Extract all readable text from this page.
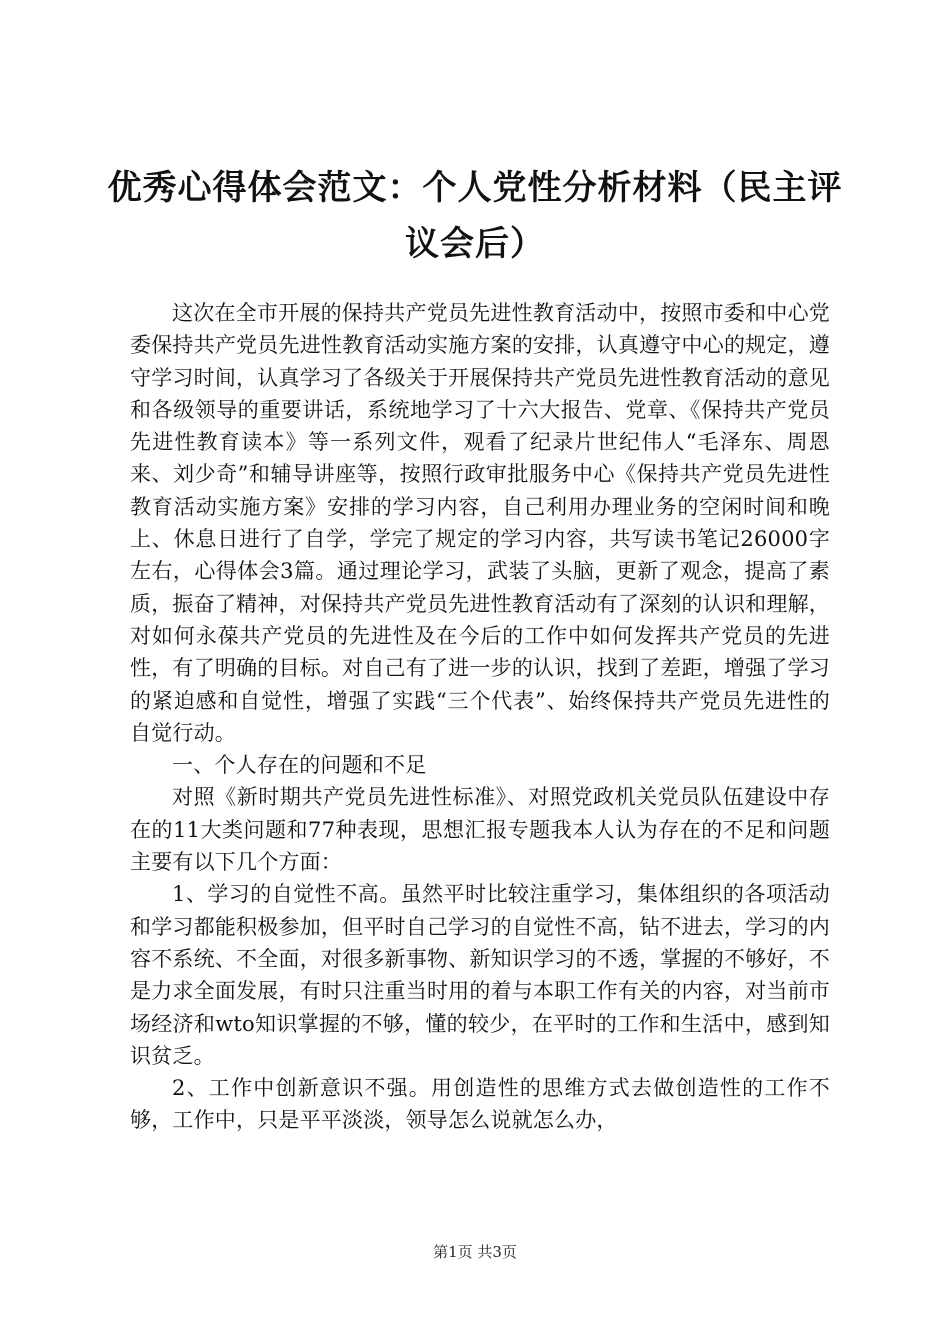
优秀心得体会范文：个人党性分析材料（民主评议会后）

这次在全市开展的保持共产党员先进性教育活动中，按照市委和中心党委保持共产党员先进性教育活动实施方案的安排，认真遵守中心的规定，遵守学习时间，认真学习了各级关于开展保持共产党员先进性教育活动的意见和各级领导的重要讲话，系统地学习了十六大报告、党章、《保持共产党员先进性教育读本》等一系列文件，观看了纪录片世纪伟人“毛泽东、周恩来、刘少奇”和辅导讲座等，按照行政审批服务中心《保持共产党员先进性教育活动实施方案》安排的学习内容，自己利用办理业务的空闲时间和晚上、休息日进行了自学，学完了规定的学习内容，共写读书笔记26000字左右，心得体会3篇。通过理论学习，武装了头脑，更新了观念，提高了素质，振奋了精神，对保持共产党员先进性教育活动有了深刻的认识和理解，对如何永葆共产党员的先进性及在今后的工作中如何发挥共产党员的先进性，有了明确的目标。对自己有了进一步的认识，找到了差距，增强了学习的紧迫感和自觉性，增强了实践“三个代表”、始终保持共产党员先进性的自觉行动。

一、个人存在的问题和不足

对照《新时期共产党员先进性标准》、对照党政机关党员队伍建设中存在的11大类问题和77种表现，思想汇报专题我本人认为存在的不足和问题主要有以下几个方面：

1、学习的自觉性不高。虽然平时比较注重学习，集体组织的各项活动和学习都能积极参加，但平时自己学习的自觉性不高，钻不进去，学习的内容不系统、不全面，对很多新事物、新知识学习的不透，掌握的不够好，不是力求全面发展，有时只注重当时用的着与本职工作有关的内容，对当前市场经济和wto知识掌握的不够，懂的较少，在平时的工作和生活中，感到知识贫乏。

2、工作中创新意识不强。用创造性的思维方式去做创造性的工作不够，工作中，只是平平淡淡，领导怎么说就怎么办，

第1页 共3页
